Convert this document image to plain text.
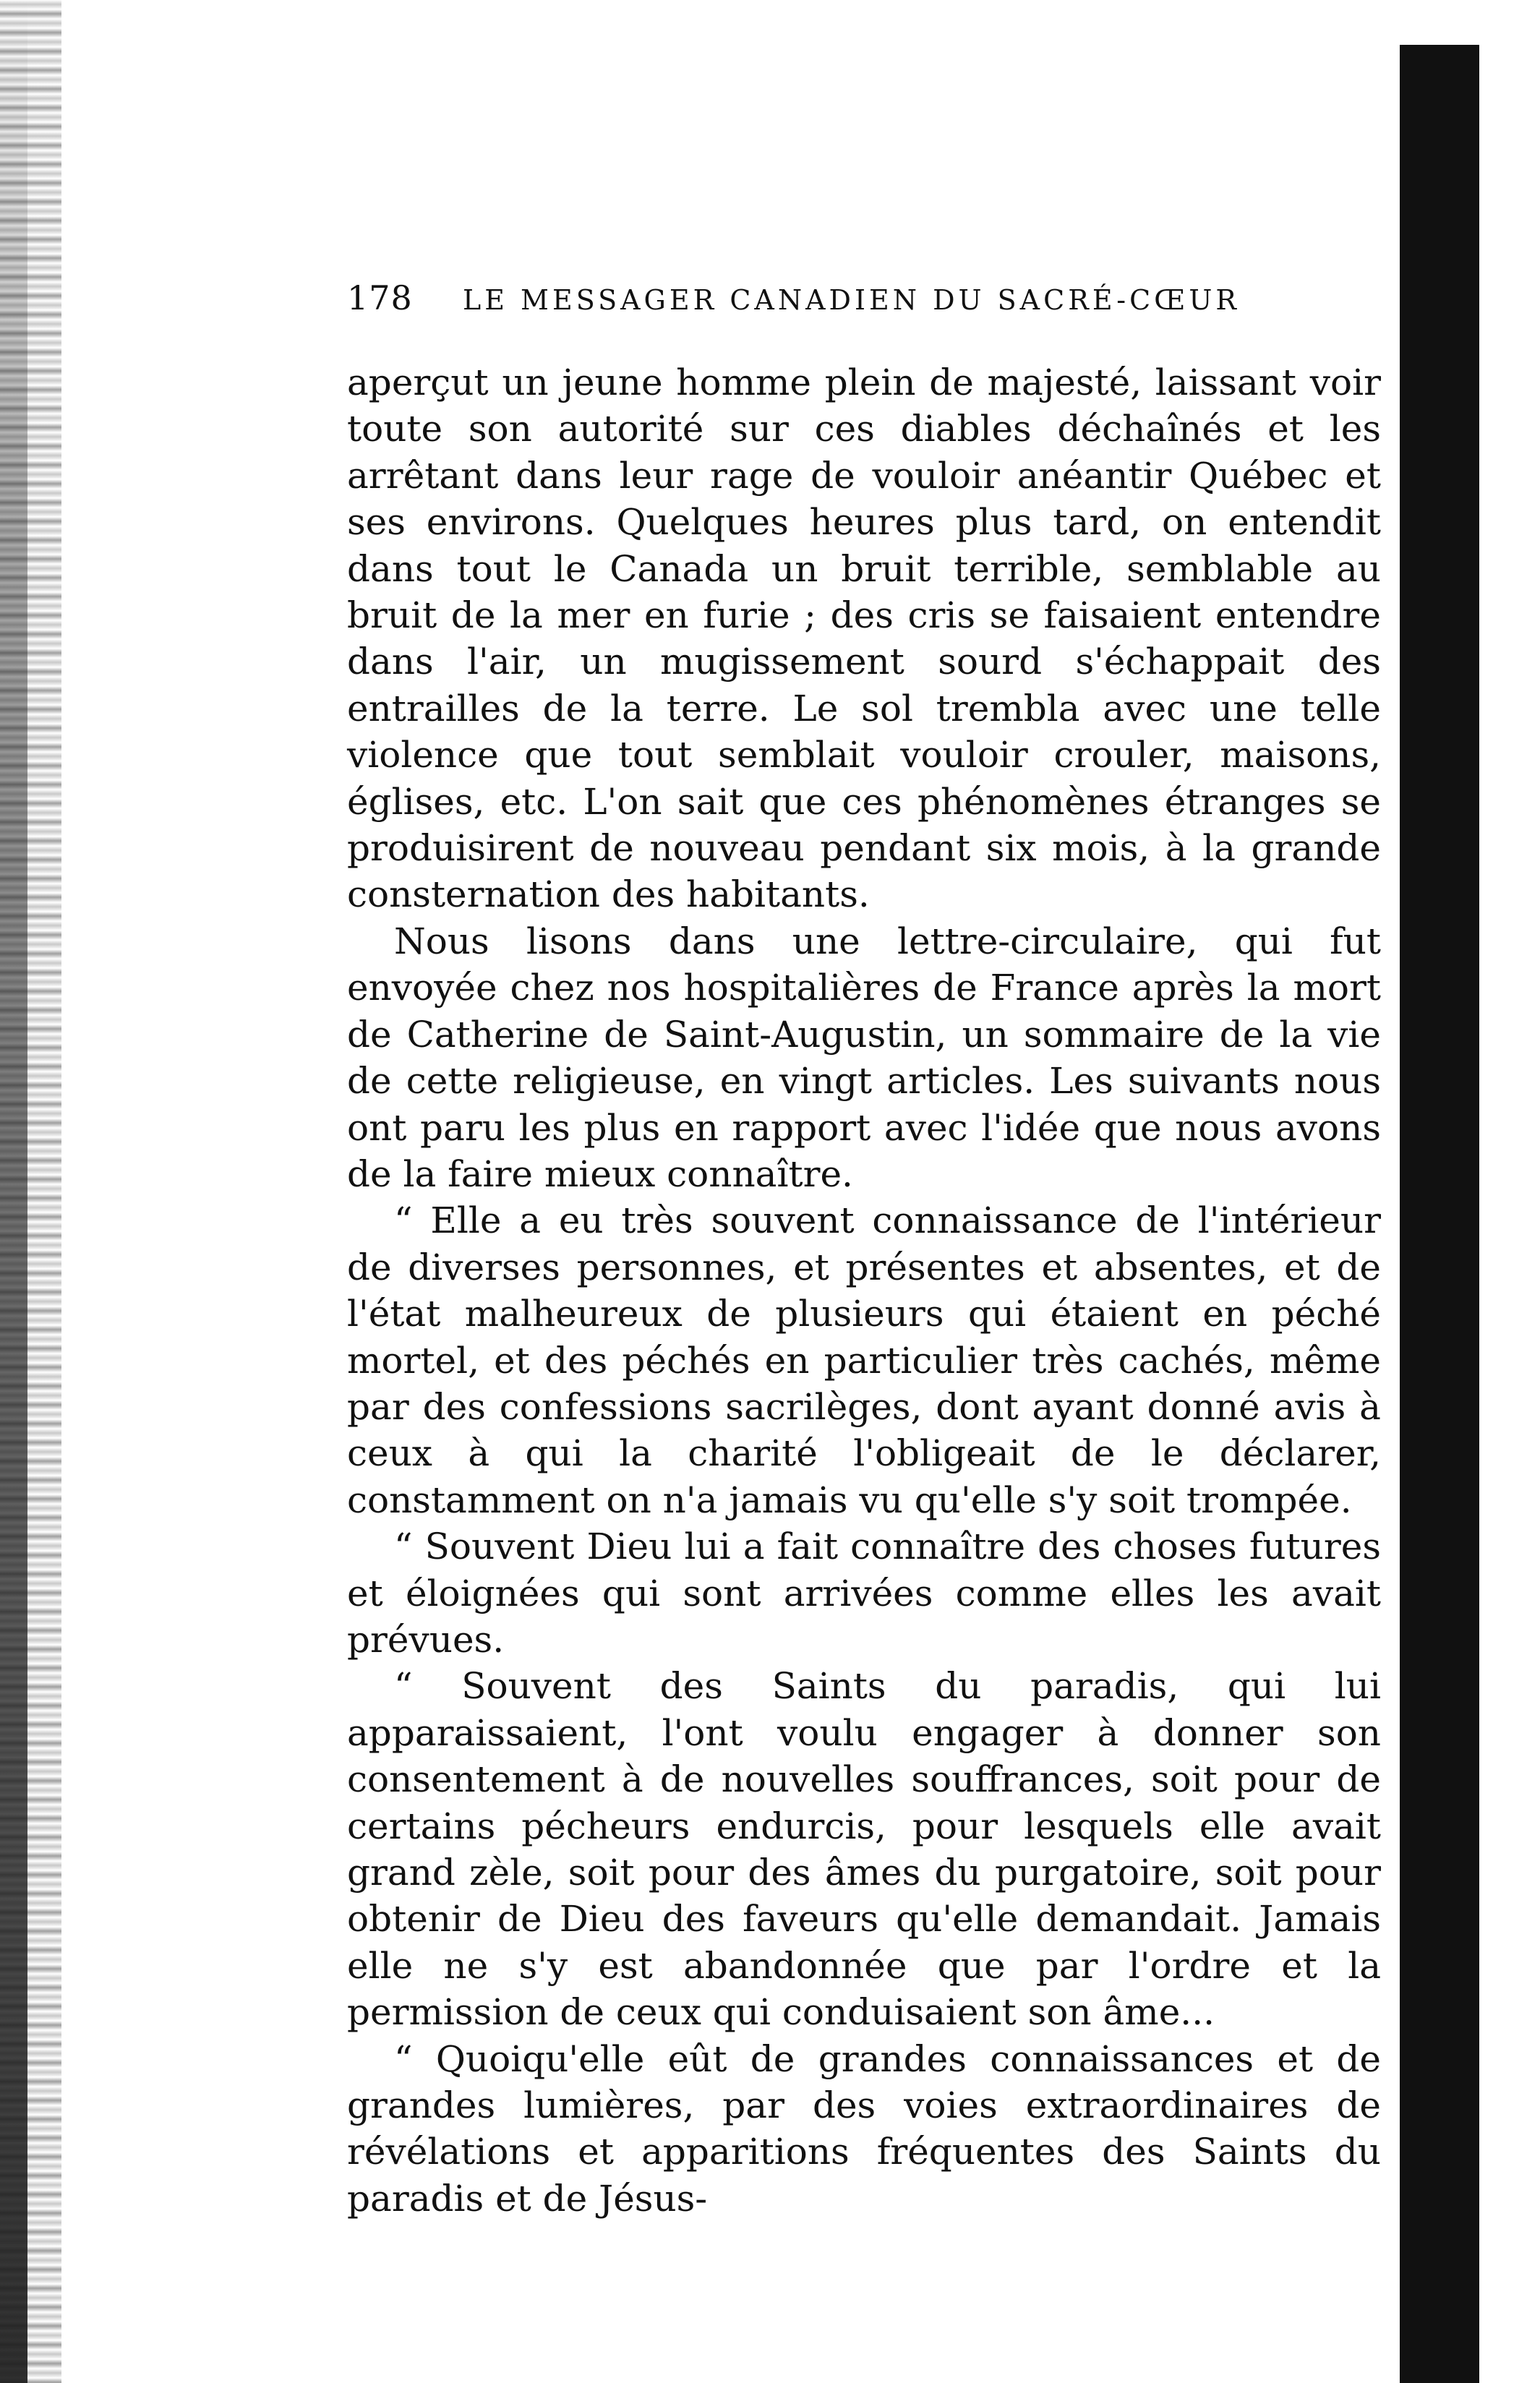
178	LE MESSAGER CANADIEN DU SACRÉ-CŒUR

aperçut un jeune homme plein de majesté, laissant voir toute son autorité sur ces diables déchaînés et les arrêtant dans leur rage de vouloir anéantir Québec et ses environs. Quelques heures plus tard, on entendit dans tout le Canada un bruit terrible, semblable au bruit de la mer en furie ; des cris se faisaient entendre dans l'air, un mugissement sourd s'échappait des entrailles de la terre. Le sol trembla avec une telle violence que tout semblait vouloir crouler, maisons, églises, etc. L'on sait que ces phénomènes étranges se produisirent de nouveau pendant six mois, à la grande consternation des habitants.

Nous lisons dans une lettre-circulaire, qui fut envoyée chez nos hospitalières de France après la mort de Catherine de Saint-Augustin, un sommaire de la vie de cette religieuse, en vingt articles. Les suivants nous ont paru les plus en rapport avec l'idée que nous avons de la faire mieux connaître.

“ Elle a eu très souvent connaissance de l'intérieur de diverses personnes, et présentes et absentes, et de l'état malheureux de plusieurs qui étaient en péché mortel, et des péchés en particulier très cachés, même par des confessions sacrilèges, dont ayant donné avis à ceux à qui la charité l'obligeait de le déclarer, constamment on n'a jamais vu qu'elle s'y soit trompée.

“ Souvent Dieu lui a fait connaître des choses futures et éloignées qui sont arrivées comme elles les avait prévues.

“ Souvent des Saints du paradis, qui lui apparaissaient, l'ont voulu engager à donner son consentement à de nouvelles souffrances, soit pour de certains pécheurs endurcis, pour lesquels elle avait grand zèle, soit pour des âmes du purgatoire, soit pour obtenir de Dieu des faveurs qu'elle demandait. Jamais elle ne s'y est abandonnée que par l'ordre et la permission de ceux qui conduisaient son âme...

“ Quoiqu'elle eût de grandes connaissances et de grandes lumières, par des voies extraordinaires de révélations et apparitions fréquentes des Saints du paradis et de Jésus-
